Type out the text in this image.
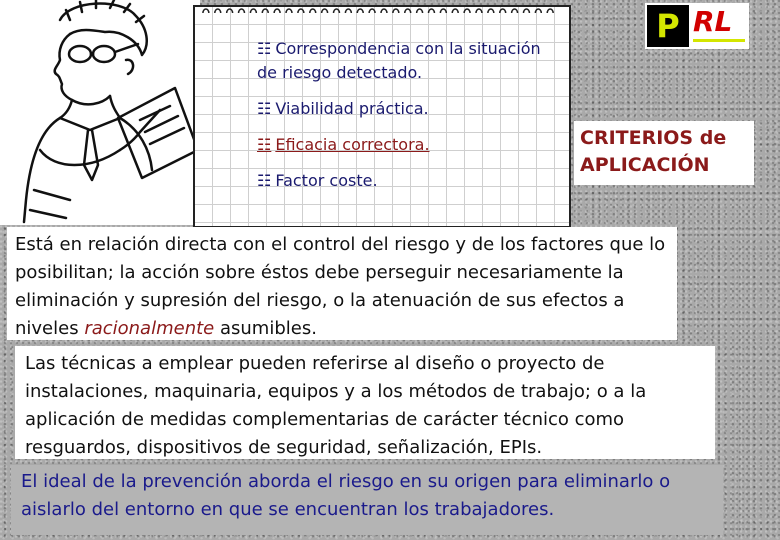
☷ Correspondencia con la situación de riesgo detectado.
☷ Viabilidad práctica.
☷ Eficacia correctora.
☷ Factor coste.
P RL
CRITERIOS de
APLICACIÓN
Está en relación directa con el control del riesgo y de los factores que lo posibilitan; la acción sobre éstos debe perseguir necesariamente la eliminación y supresión del riesgo, o la atenuación de sus efectos a niveles racionalmente asumibles.
Las técnicas a emplear pueden referirse al diseño o proyecto de instalaciones, maquinaria, equipos y a los métodos de trabajo; o a la aplicación de medidas complementarias de carácter técnico como resguardos, dispositivos de seguridad, señalización, EPIs.
El ideal de la prevención aborda el riesgo en su origen para eliminarlo o aislarlo del entorno en que se encuentran los trabajadores.
